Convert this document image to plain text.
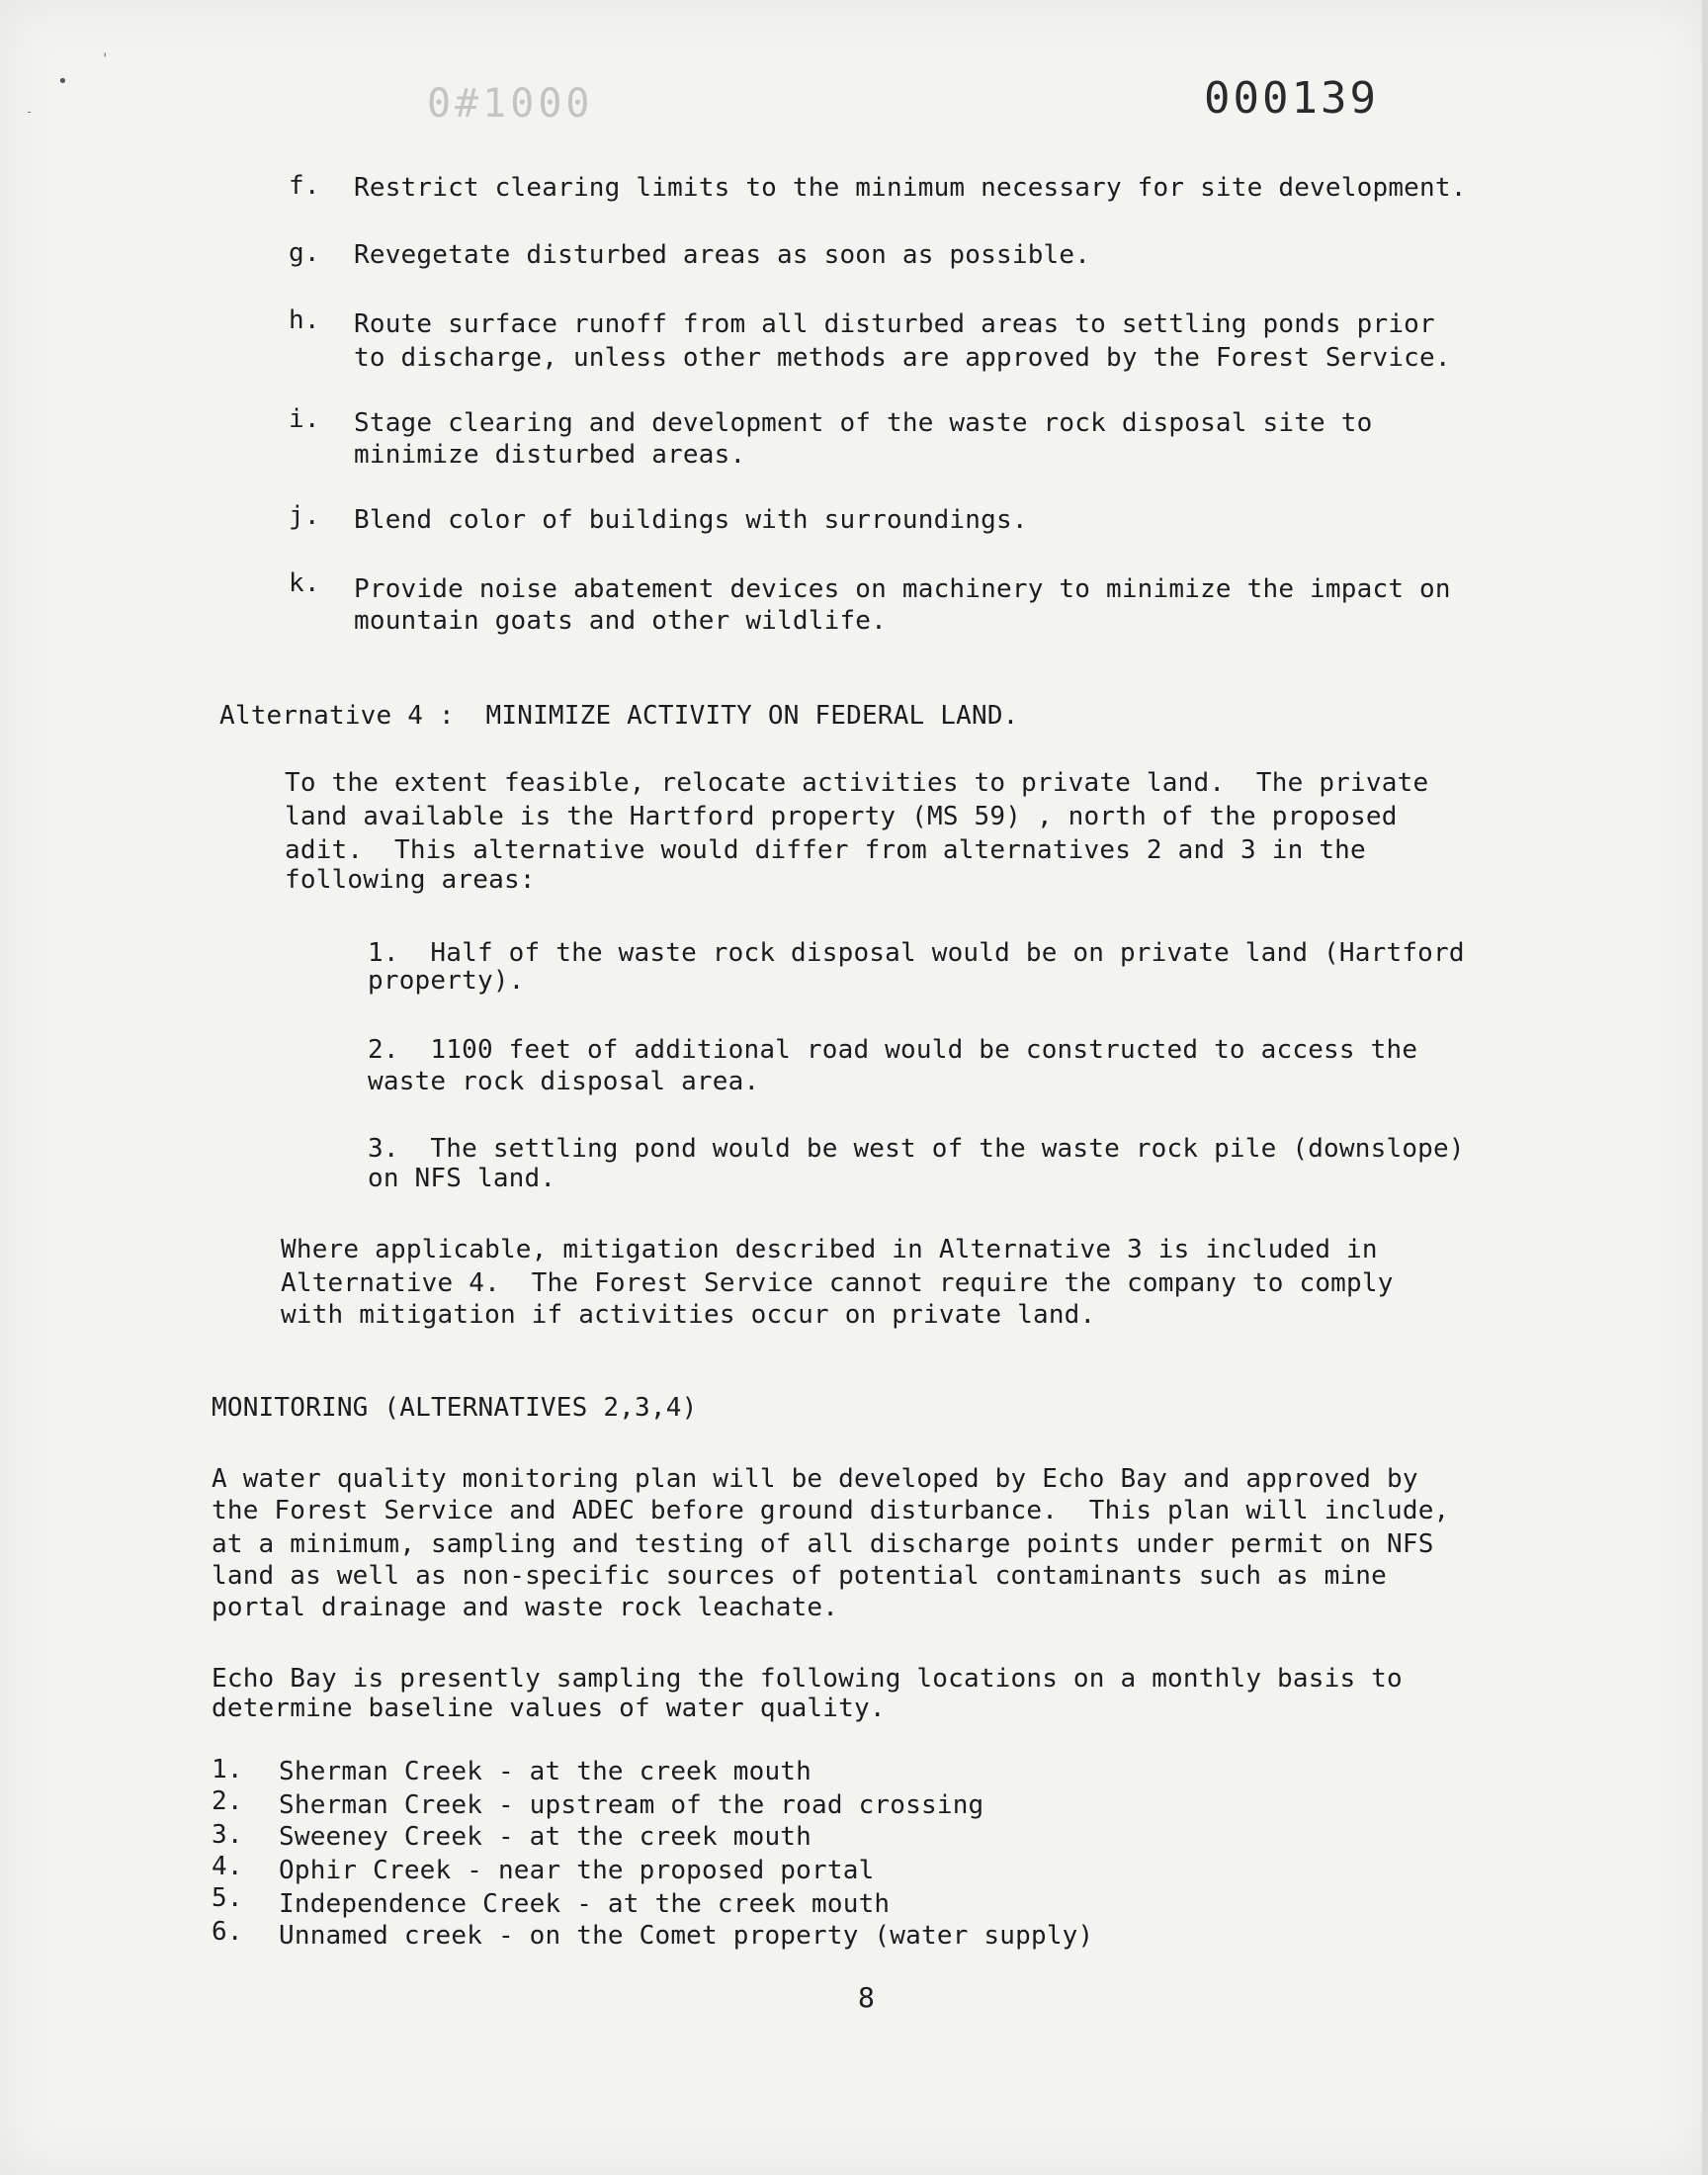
•
'
-	0#1000	000139
f.	Restrict clearing limits to the minimum necessary for site development.
g.	Revegetate disturbed areas as soon as possible.
h.	Route surface runoff from all disturbed areas to settling ponds prior
to discharge, unless other methods are approved by the Forest Service.
i.	Stage clearing and development of the waste rock disposal site to
minimize disturbed areas.
j.	Blend color of buildings with surroundings.
k.	Provide noise abatement devices on machinery to minimize the impact on
mountain goats and other wildlife.
Alternative 4 :  MINIMIZE ACTIVITY ON FEDERAL LAND.
To the extent feasible, relocate activities to private land.  The private
land available is the Hartford property (MS 59) , north of the proposed
adit.  This alternative would differ from alternatives 2 and 3 in the
following areas:
1.  Half of the waste rock disposal would be on private land (Hartford
property).
2.  1100 feet of additional road would be constructed to access the
waste rock disposal area.
3.  The settling pond would be west of the waste rock pile (downslope)
on NFS land.
Where applicable, mitigation described in Alternative 3 is included in
Alternative 4.  The Forest Service cannot require the company to comply
with mitigation if activities occur on private land.
MONITORING (ALTERNATIVES 2,3,4)
A water quality monitoring plan will be developed by Echo Bay and approved by
the Forest Service and ADEC before ground disturbance.  This plan will include,
at a minimum, sampling and testing of all discharge points under permit on NFS
land as well as non-specific sources of potential contaminants such as mine
portal drainage and waste rock leachate.
Echo Bay is presently sampling the following locations on a monthly basis to
determine baseline values of water quality.
1.	Sherman Creek - at the creek mouth
2.	Sherman Creek - upstream of the road crossing
3.	Sweeney Creek - at the creek mouth
4.	Ophir Creek - near the proposed portal
5.	Independence Creek - at the creek mouth
6.	Unnamed creek - on the Comet property (water supply)
8
